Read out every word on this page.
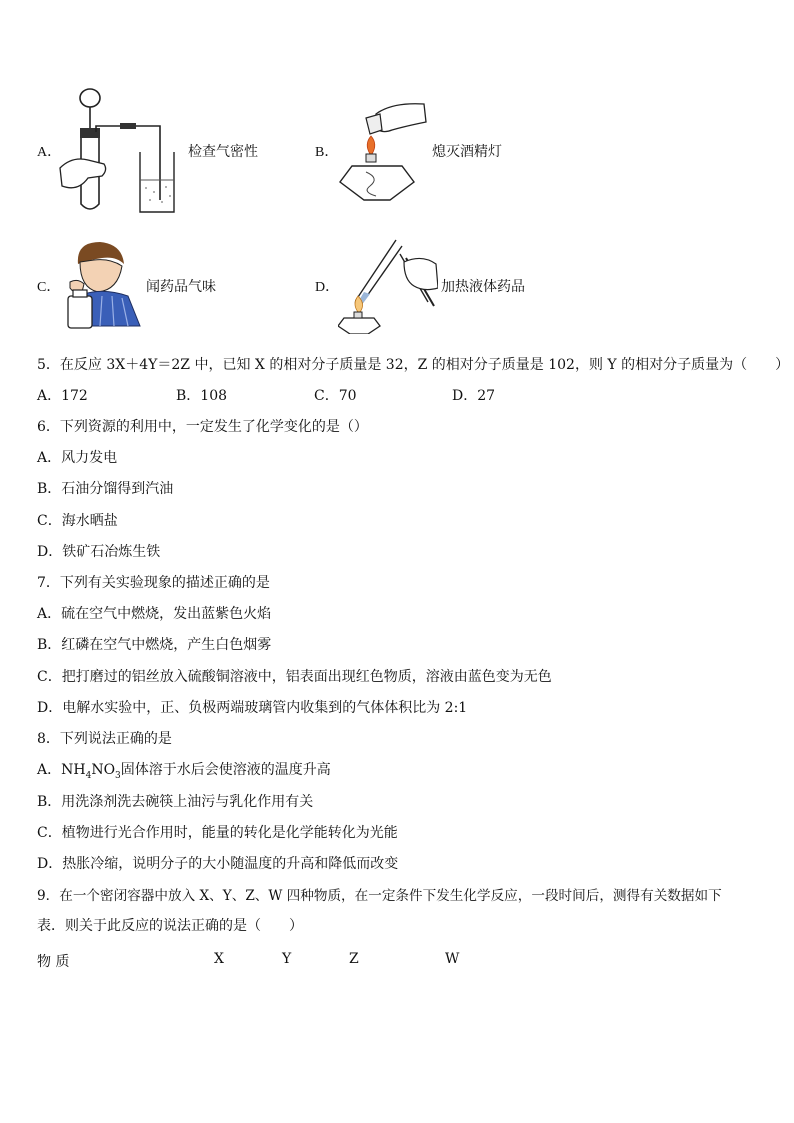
A．	检查气密性	B．	熄灭酒精灯
C．	闻药品气味	D．	加热液体药品
5．在反应 3X＋4Y＝2Z 中，已知 X 的相对分子质量是 32，Z 的相对分子质量是 102，则 Y 的相对分子质量为（　　）
A．172	B．108	C．70	D．27
6．下列资源的利用中，一定发生了化学变化的是（）
A．风力发电
B．石油分馏得到汽油
C．海水晒盐
D．铁矿石冶炼生铁
7．下列有关实验现象的描述正确的是
A．硫在空气中燃烧，发出蓝紫色火焰
B．红磷在空气中燃烧，产生白色烟雾
C．把打磨过的铝丝放入硫酸铜溶液中，铝表面出现红色物质，溶液由蓝色变为无色
D．电解水实验中，正、负极两端玻璃管内收集到的气体体积比为 2:1
8．下列说法正确的是
A．$NH_4NO_3$固体溶于水后会使溶液的温度升高
B．用洗涤剂洗去碗筷上油污与乳化作用有关
C．植物进行光合作用时，能量的转化是化学能转化为光能
D．热胀冷缩，说明分子的大小随温度的升高和降低而改变
9．在一个密闭容器中放入 X、Y、Z、W 四种物质，在一定条件下发生化学反应，一段时间后，测得有关数据如下
表．则关于此反应的说法正确的是（　　）
物 质	X	Y	Z	W
